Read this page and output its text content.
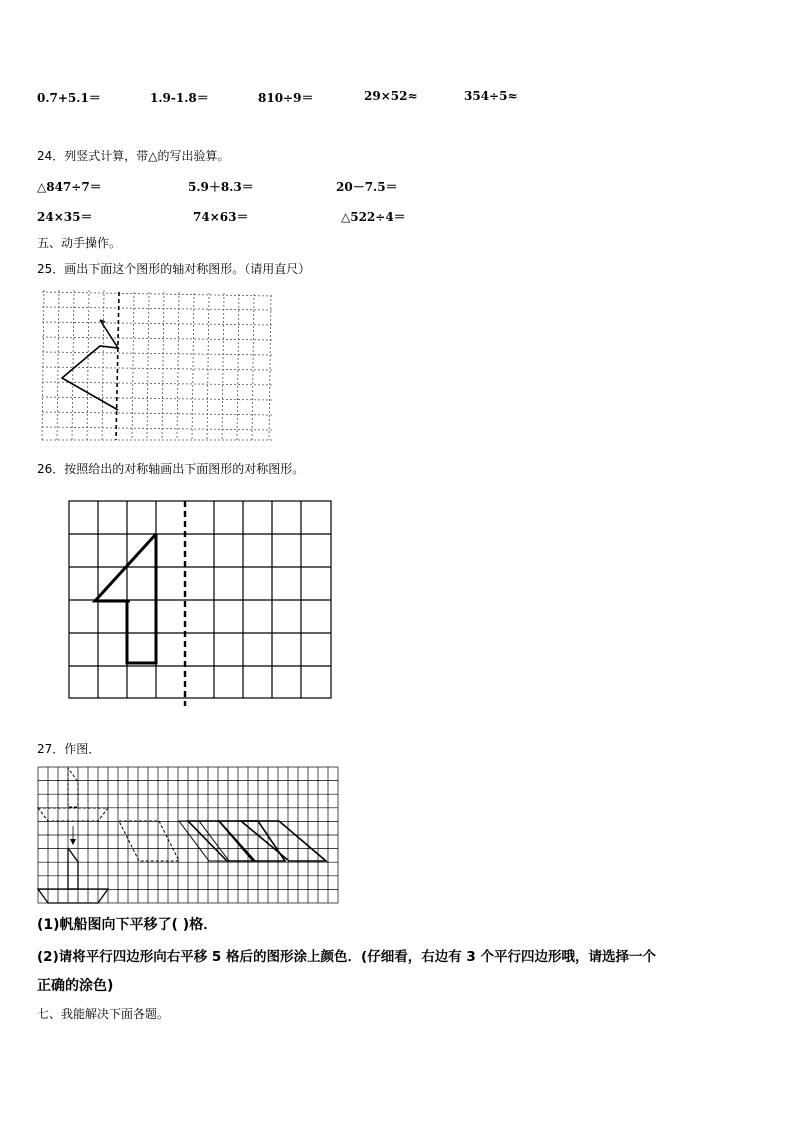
0.7+5.1＝	1.9-1.8＝	810÷9＝	29×52≈	354÷5≈
24．列竖式计算，带△的写出验算。
△847÷7＝	5.9＋8.3＝	20－7.5＝
24×35＝	74×63＝	△522÷4＝
五、动手操作。
25．画出下面这个图形的轴对称图形。（请用直尺）
26．按照给出的对称轴画出下面图形的对称图形。
27．作图．
(1)帆船图向下平移了( )格．
(2)请将平行四边形向右平移 5 格后的图形涂上颜色．(仔细看，右边有 3 个平行四边形哦，请选择一个
正确的涂色)
七、我能解决下面各题。
